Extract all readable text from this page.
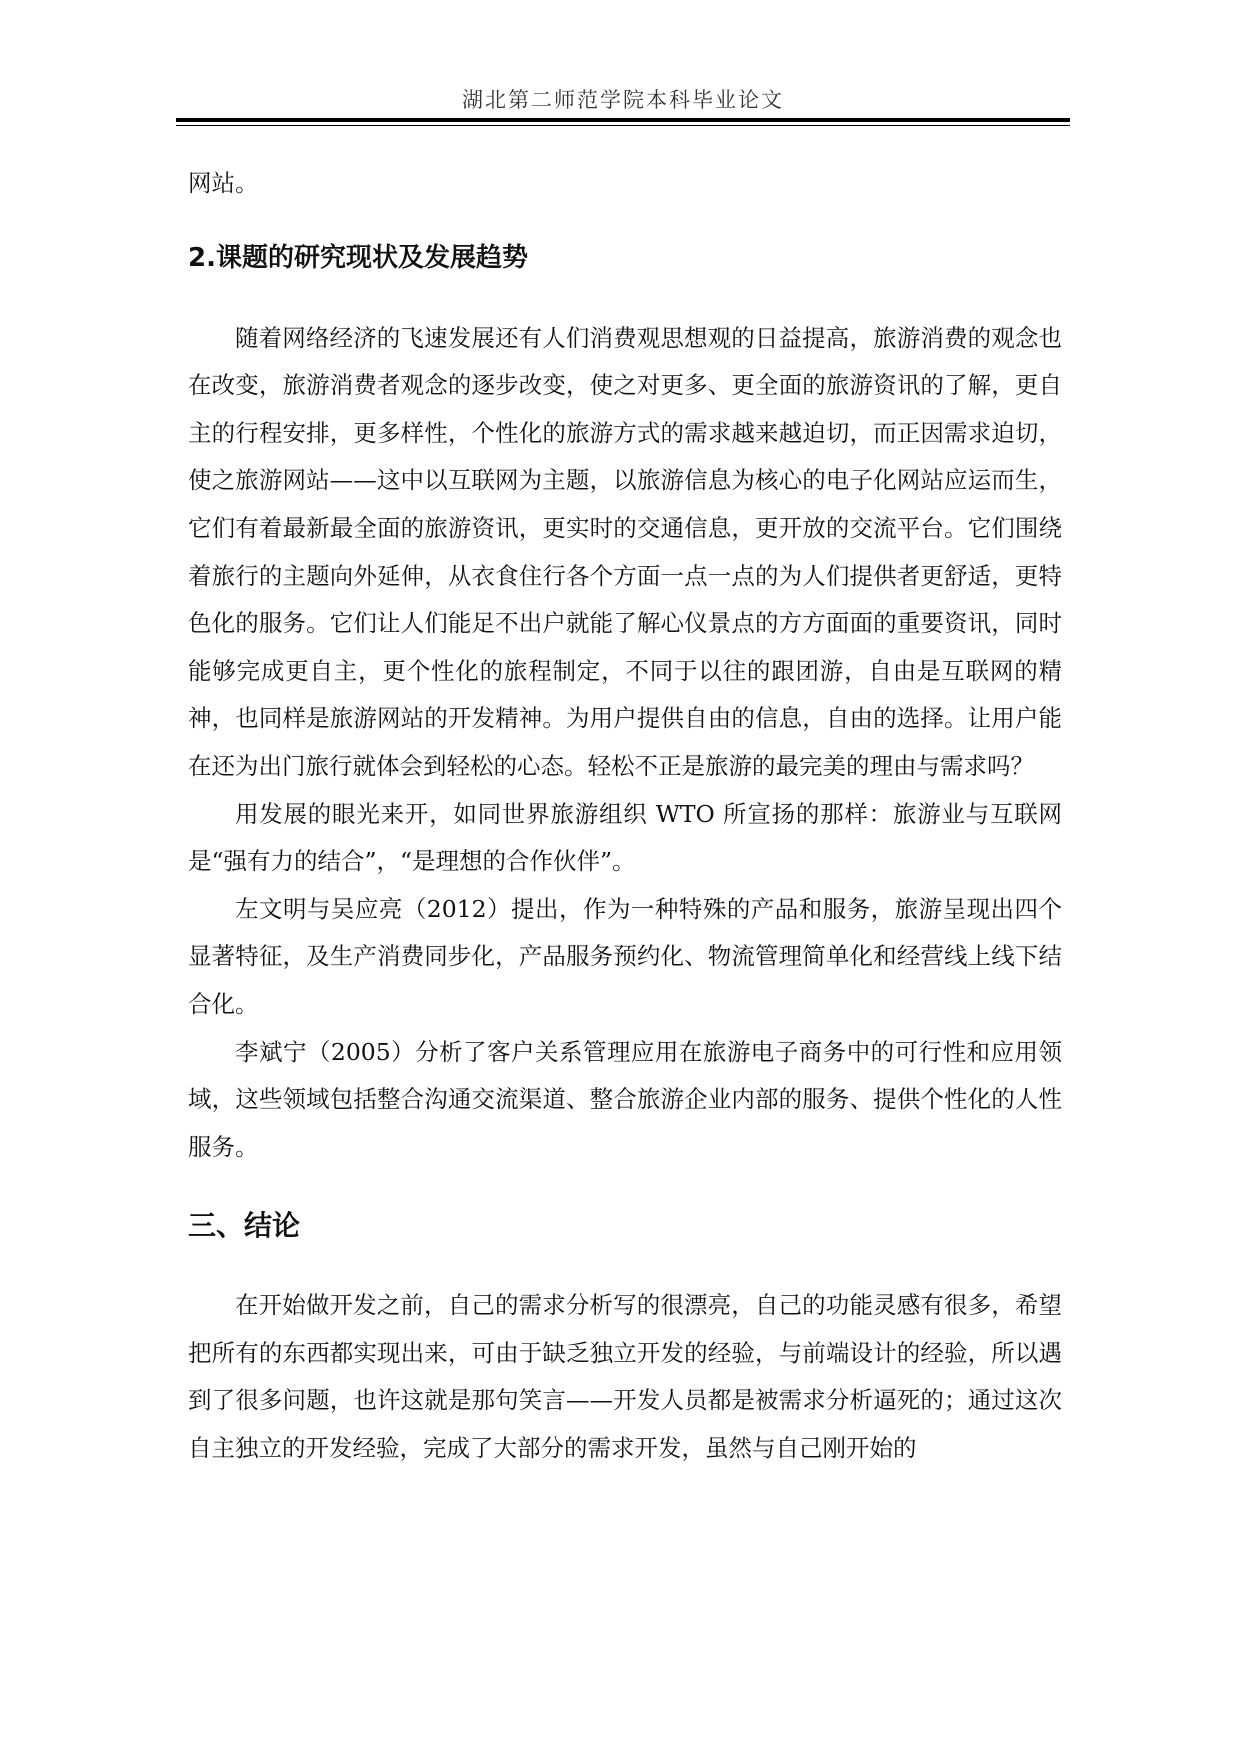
湖北第二师范学院本科毕业论文

网站。

2.课题的研究现状及发展趋势

随着网络经济的飞速发展还有人们消费观思想观的日益提高，旅游消费的观念也在改变，旅游消费者观念的逐步改变，使之对更多、更全面的旅游资讯的了解，更自主的行程安排，更多样性，个性化的旅游方式的需求越来越迫切，而正因需求迫切，使之旅游网站——这中以互联网为主题，以旅游信息为核心的电子化网站应运而生，它们有着最新最全面的旅游资讯，更实时的交通信息，更开放的交流平台。它们围绕着旅行的主题向外延伸，从衣食住行各个方面一点一点的为人们提供者更舒适，更特色化的服务。它们让人们能足不出户就能了解心仪景点的方方面面的重要资讯，同时能够完成更自主，更个性化的旅程制定，不同于以往的跟团游，自由是互联网的精神，也同样是旅游网站的开发精神。为用户提供自由的信息，自由的选择。让用户能在还为出门旅行就体会到轻松的心态。轻松不正是旅游的最完美的理由与需求吗？

用发展的眼光来开，如同世界旅游组织 WTO 所宣扬的那样：旅游业与互联网是“强有力的结合”，“是理想的合作伙伴”。

左文明与吴应亮（2012）提出，作为一种特殊的产品和服务，旅游呈现出四个显著特征，及生产消费同步化，产品服务预约化、物流管理简单化和经营线上线下结合化。

李斌宁（2005）分析了客户关系管理应用在旅游电子商务中的可行性和应用领域，这些领域包括整合沟通交流渠道、整合旅游企业内部的服务、提供个性化的人性服务。

三、结论

在开始做开发之前，自己的需求分析写的很漂亮，自己的功能灵感有很多，希望把所有的东西都实现出来，可由于缺乏独立开发的经验，与前端设计的经验，所以遇到了很多问题，也许这就是那句笑言——开发人员都是被需求分析逼死的；通过这次自主独立的开发经验，完成了大部分的需求开发，虽然与自己刚开始的
